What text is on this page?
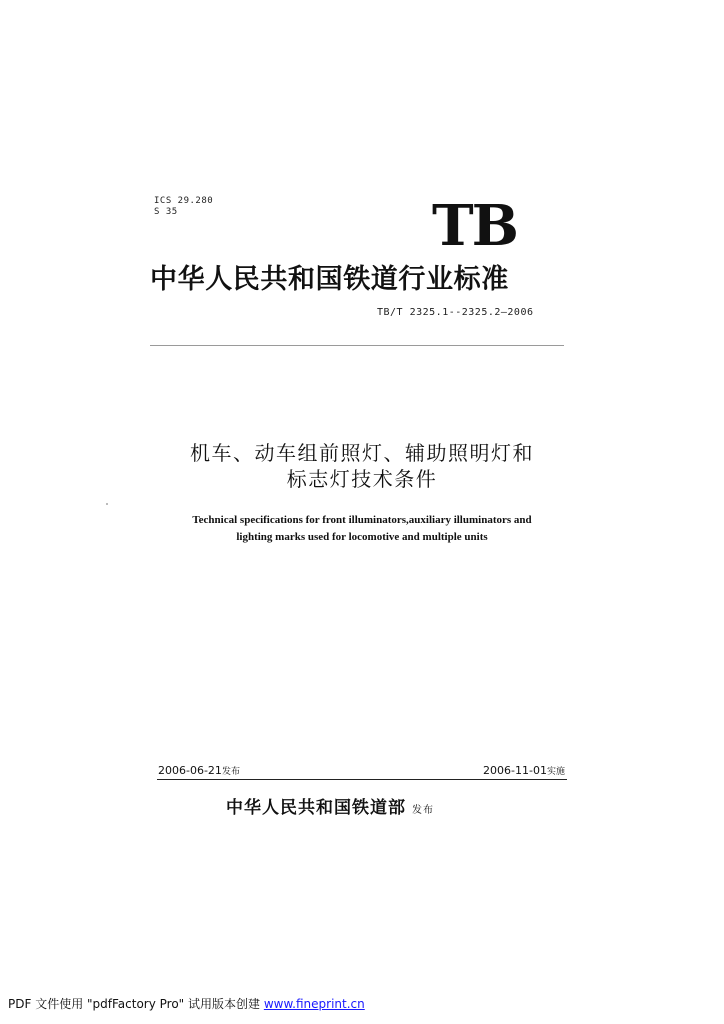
ICS 29.280
S 35	TB
中华人民共和国铁道行业标准
TB/T 2325.1--2325.2—2006
机车、动车组前照灯、辅助照明灯和
标志灯技术条件
Technical specifications for front illuminators,auxiliary illuminators and
lighting marks used for locomotive and multiple units
2006-06-21发布	2006-11-01实施
中华人民共和国铁道部 发布
PDF 文件使用 "pdfFactory Pro" 试用版本创建 www.fineprint.cn
